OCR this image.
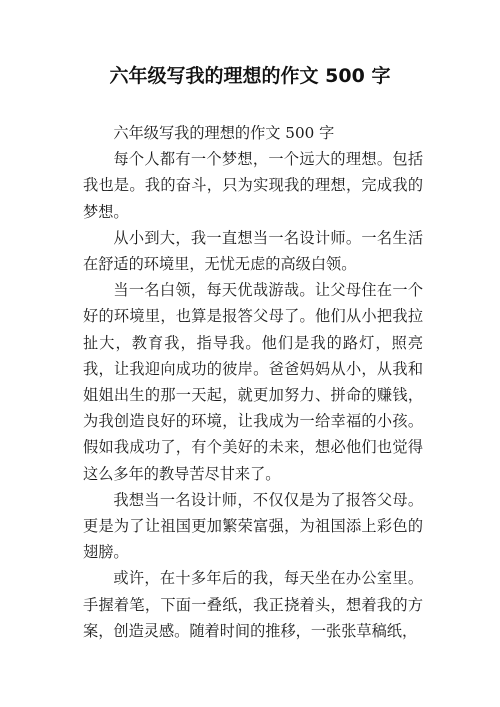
六年级写我的理想的作文 500 字

六年级写我的理想的作文 500 字

每个人都有一个梦想，一个远大的理想。包括我也是。我的奋斗，只为实现我的理想，完成我的梦想。

从小到大，我一直想当一名设计师。一名生活在舒适的环境里，无忧无虑的高级白领。

当一名白领，每天优哉游哉。让父母住在一个好的环境里，也算是报答父母了。他们从小把我拉扯大，教育我，指导我。他们是我的路灯，照亮我，让我迎向成功的彼岸。爸爸妈妈从小，从我和姐姐出生的那一天起，就更加努力、拼命的赚钱，为我创造良好的环境，让我成为一给幸福的小孩。假如我成功了，有个美好的未来，想必他们也觉得这么多年的教导苦尽甘来了。

我想当一名设计师，不仅仅是为了报答父母。更是为了让祖国更加繁荣富强，为祖国添上彩色的翅膀。

或许，在十多年后的我，每天坐在办公室里。手握着笔，下面一叠纸，我正挠着头，想着我的方案，创造灵感。随着时间的推移，一张张草稿纸，
